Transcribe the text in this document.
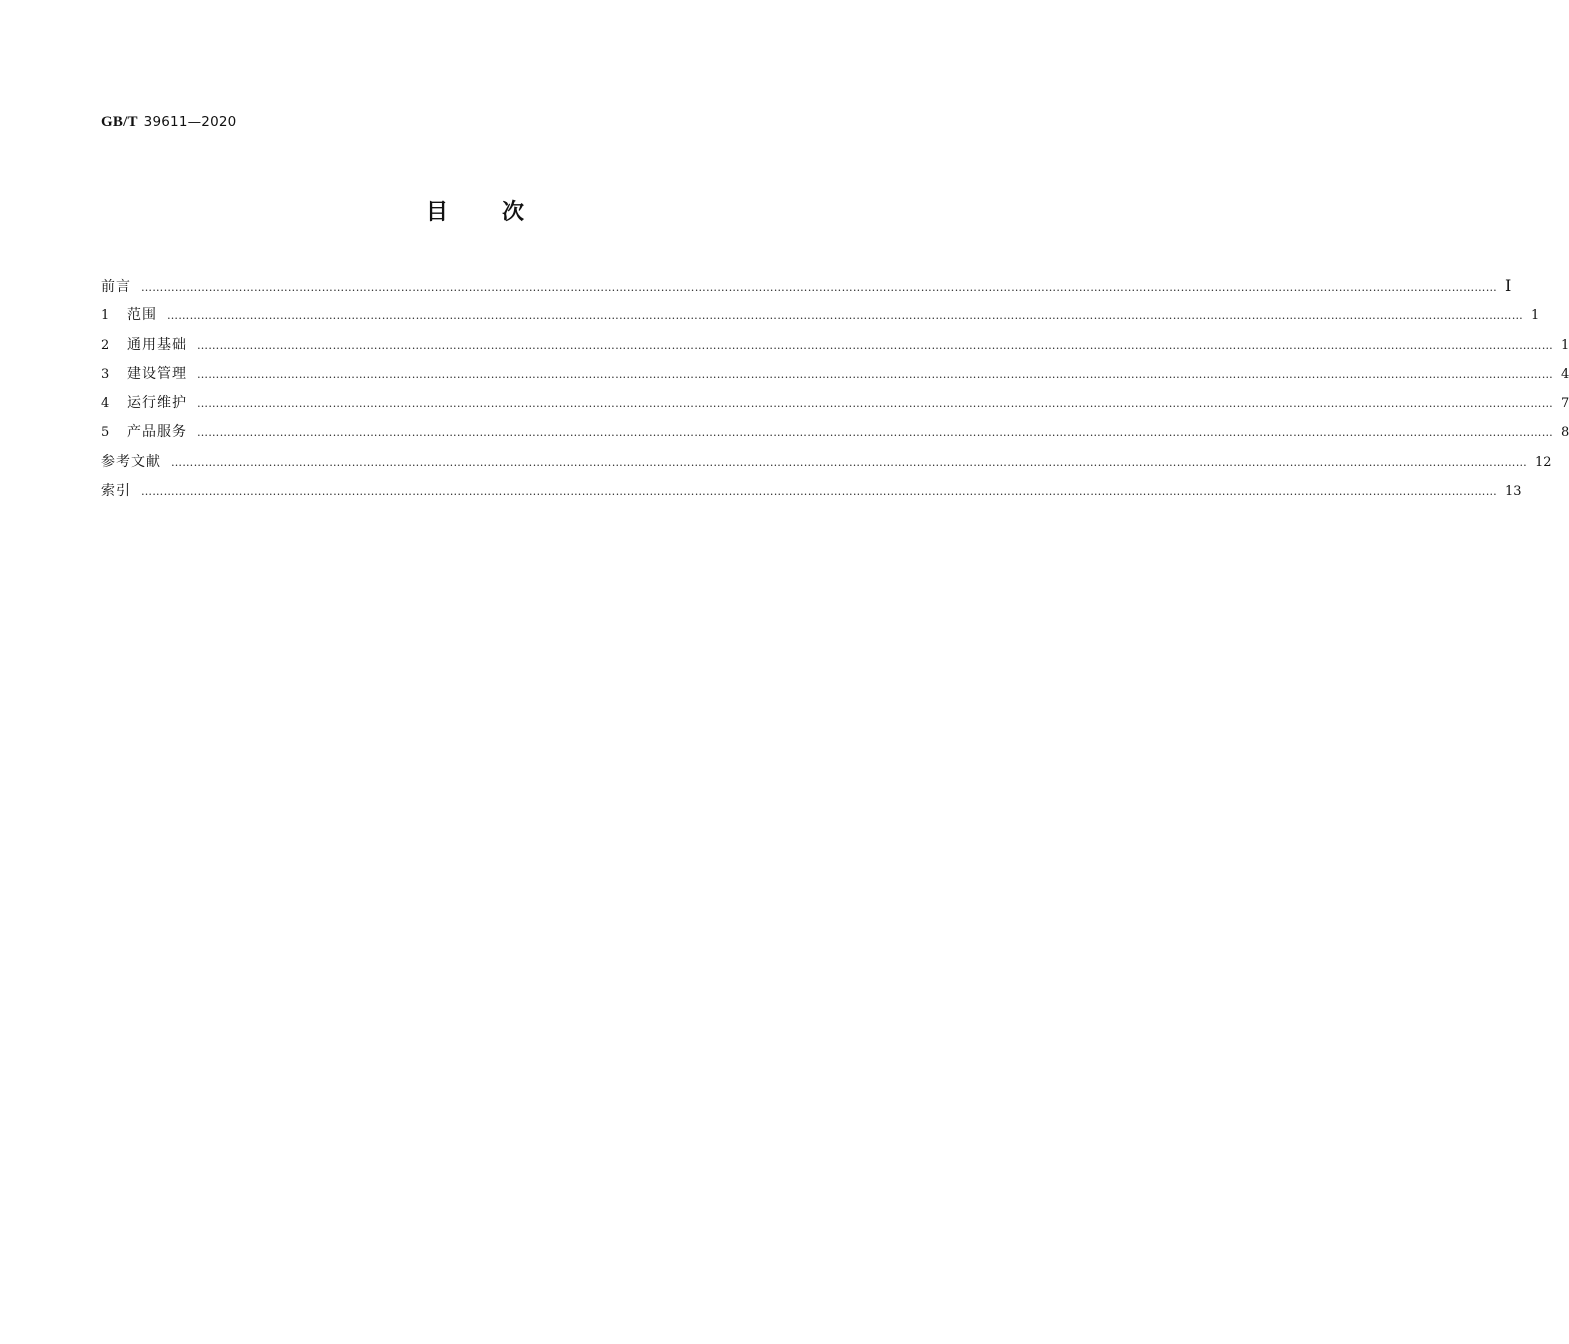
GB/T 39611—2020
目 次
前言 ……………………………………………………………………………………………………………………………………………………………………………………………………………………………………………………………………………………………………………………………… Ⅰ
1	范围 ……………………………………………………………………………………………………………………………………………………………………………………………………………………………………………………………………………………………………………………………… 1
2	通用基础 ……………………………………………………………………………………………………………………………………………………………………………………………………………………………………………………………………………………………………………………………… 1
3	建设管理 ……………………………………………………………………………………………………………………………………………………………………………………………………………………………………………………………………………………………………………………………… 4
4	运行维护 ……………………………………………………………………………………………………………………………………………………………………………………………………………………………………………………………………………………………………………………………… 7
5	产品服务 ……………………………………………………………………………………………………………………………………………………………………………………………………………………………………………………………………………………………………………………………… 8
参考文献 ……………………………………………………………………………………………………………………………………………………………………………………………………………………………………………………………………………………………………………………………… 12
索引 ……………………………………………………………………………………………………………………………………………………………………………………………………………………………………………………………………………………………………………………………… 13
